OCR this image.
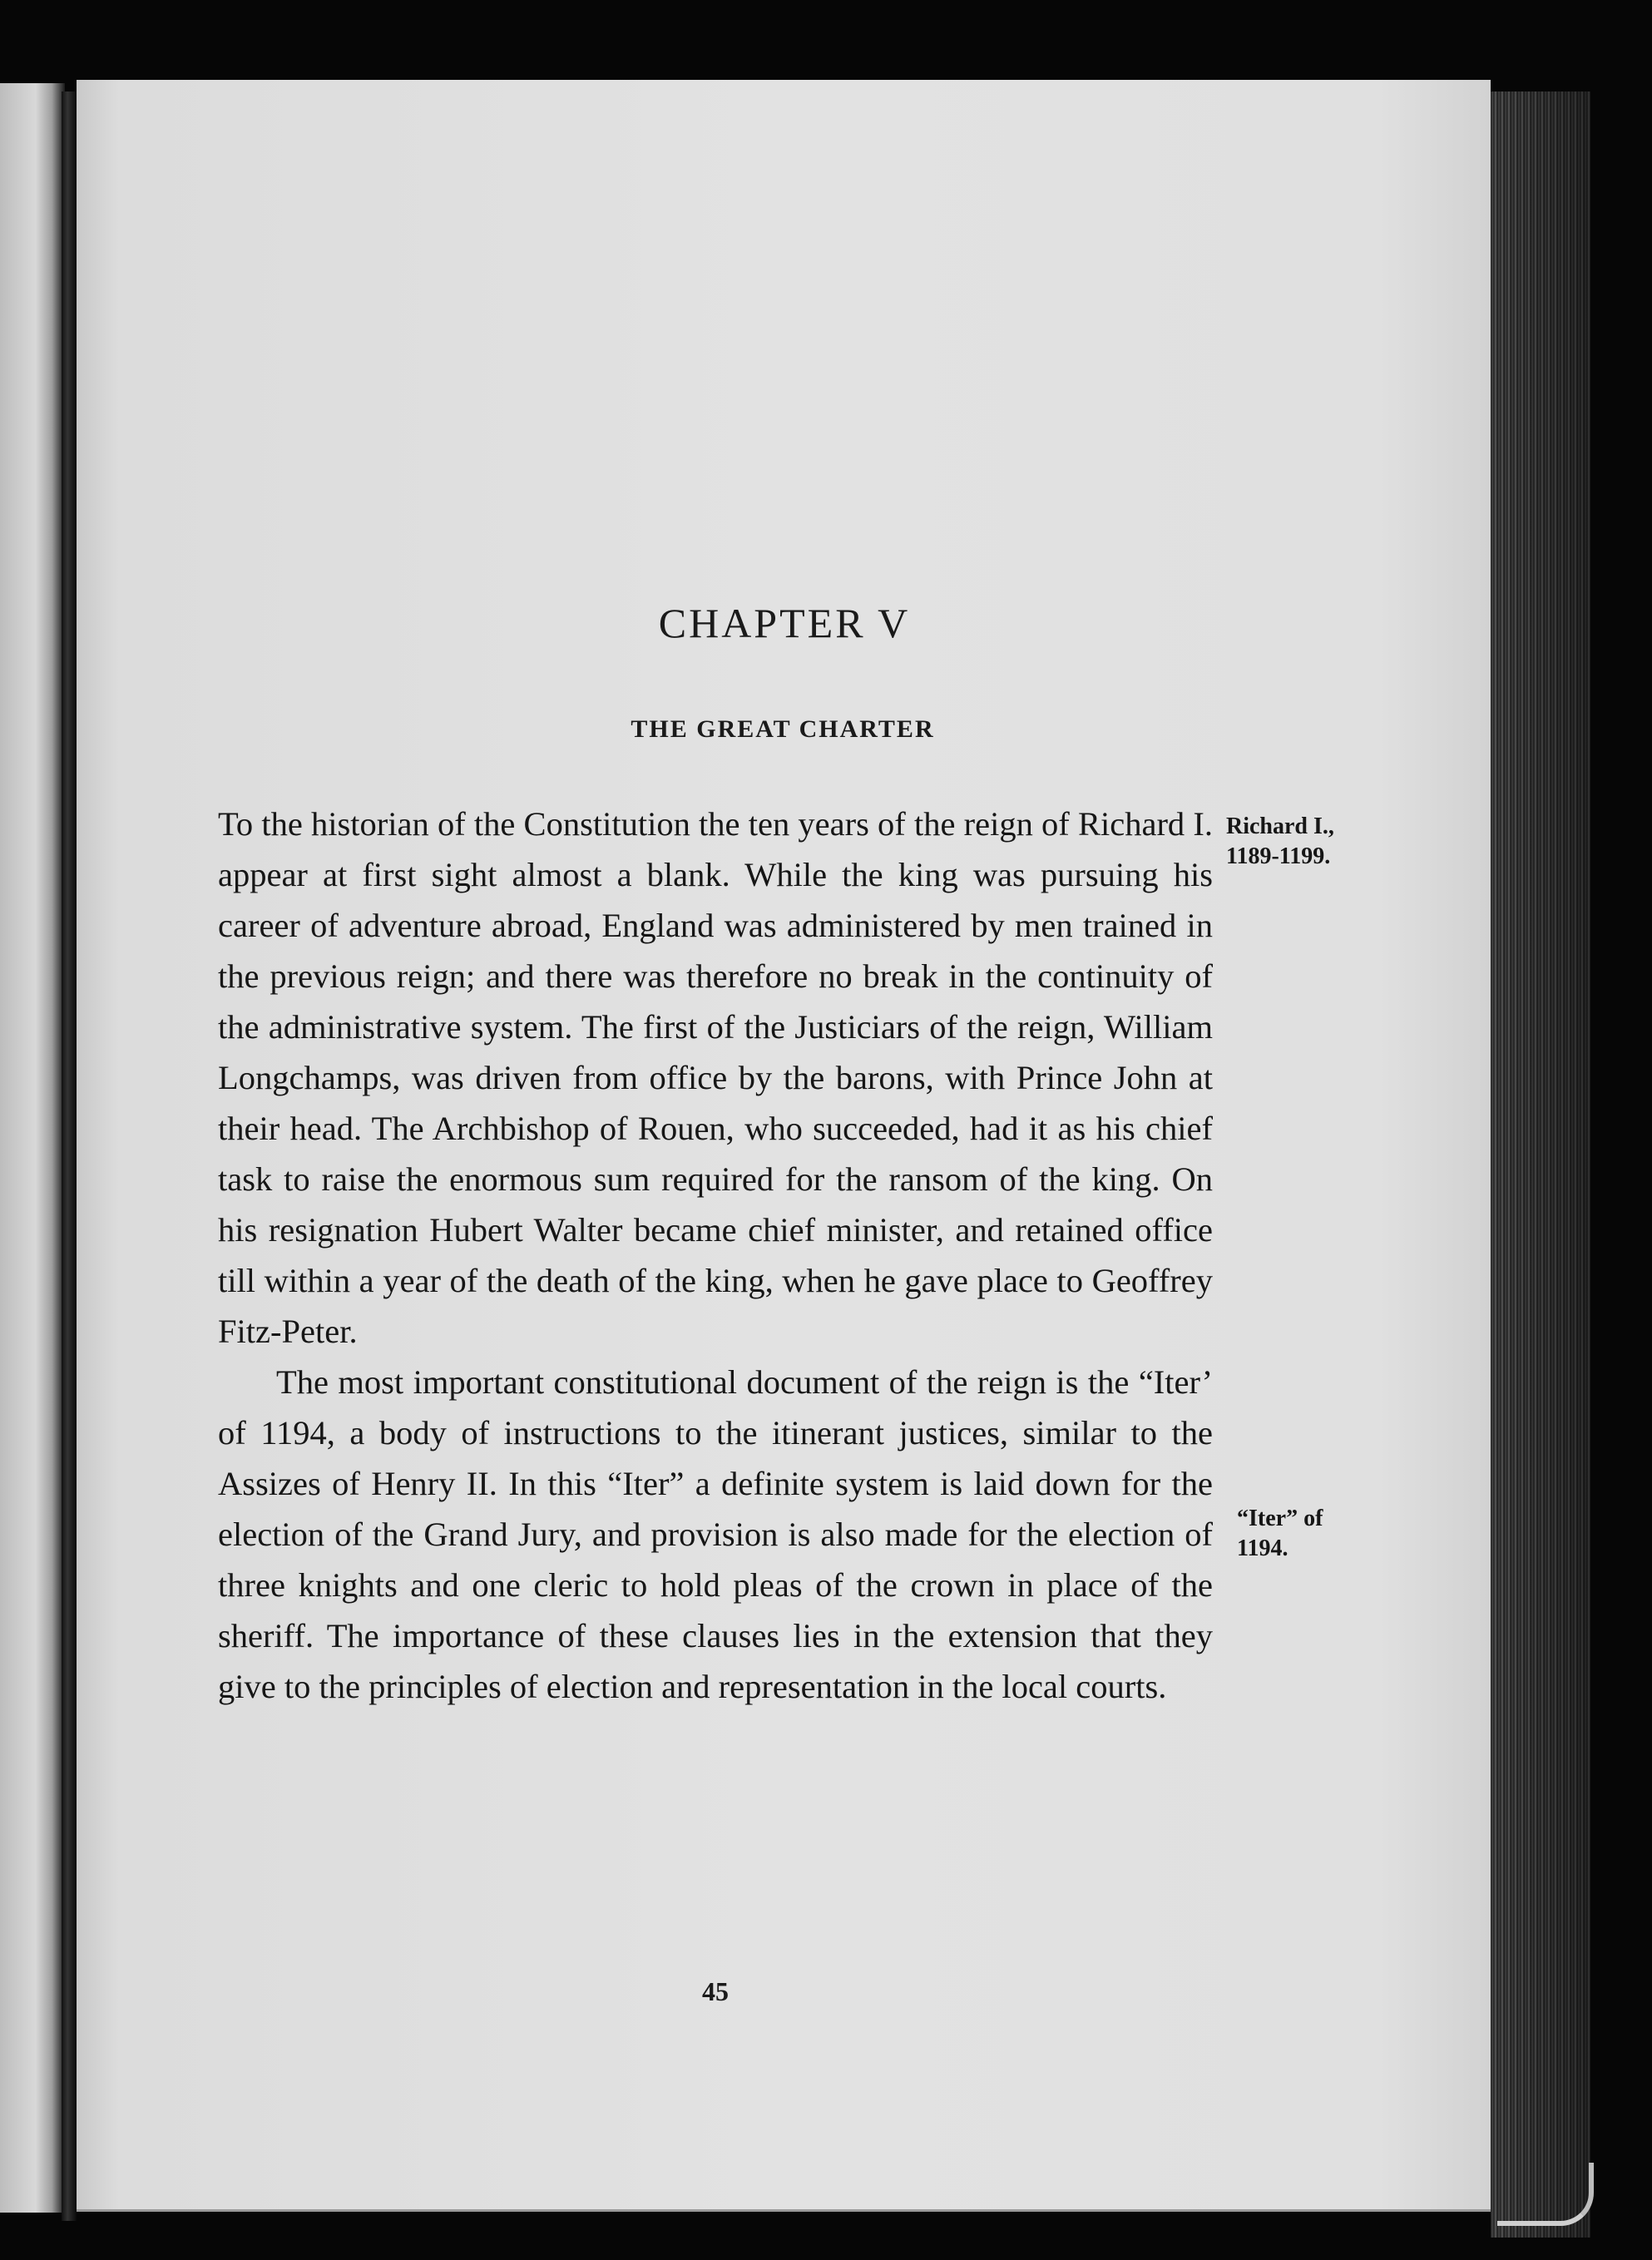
CHAPTER V
THE GREAT CHARTER

To the historian of the Constitution the ten years of the reign of Richard I. appear at first sight almost a blank. While the king was pursuing his career of adventure abroad, England was administered by men trained in the previous reign; and there was therefore no break in the continuity of the administrative system. The first of the Justiciars of the reign, William Longchamps, was driven from office by the barons, with Prince John at their head. The Archbishop of Rouen, who succeeded, had it as his chief task to raise the enormous sum required for the ransom of the king. On his resignation Hubert Walter became chief minister, and retained office till within a year of the death of the king, when he gave place to Geoffrey Fitz-Peter.

The most important constitutional document of the reign is the “Iter’ of 1194, a body of instructions to the itinerant justices, similar to the Assizes of Henry II. In this “Iter” a definite system is laid down for the election of the Grand Jury, and provision is also made for the election of three knights and one cleric to hold pleas of the crown in place of the sheriff. The importance of these clauses lies in the extension that they give to the principles of election and representation in the local courts.

Richard I.,
1189-1199.
“Iter” of
1194.
45
